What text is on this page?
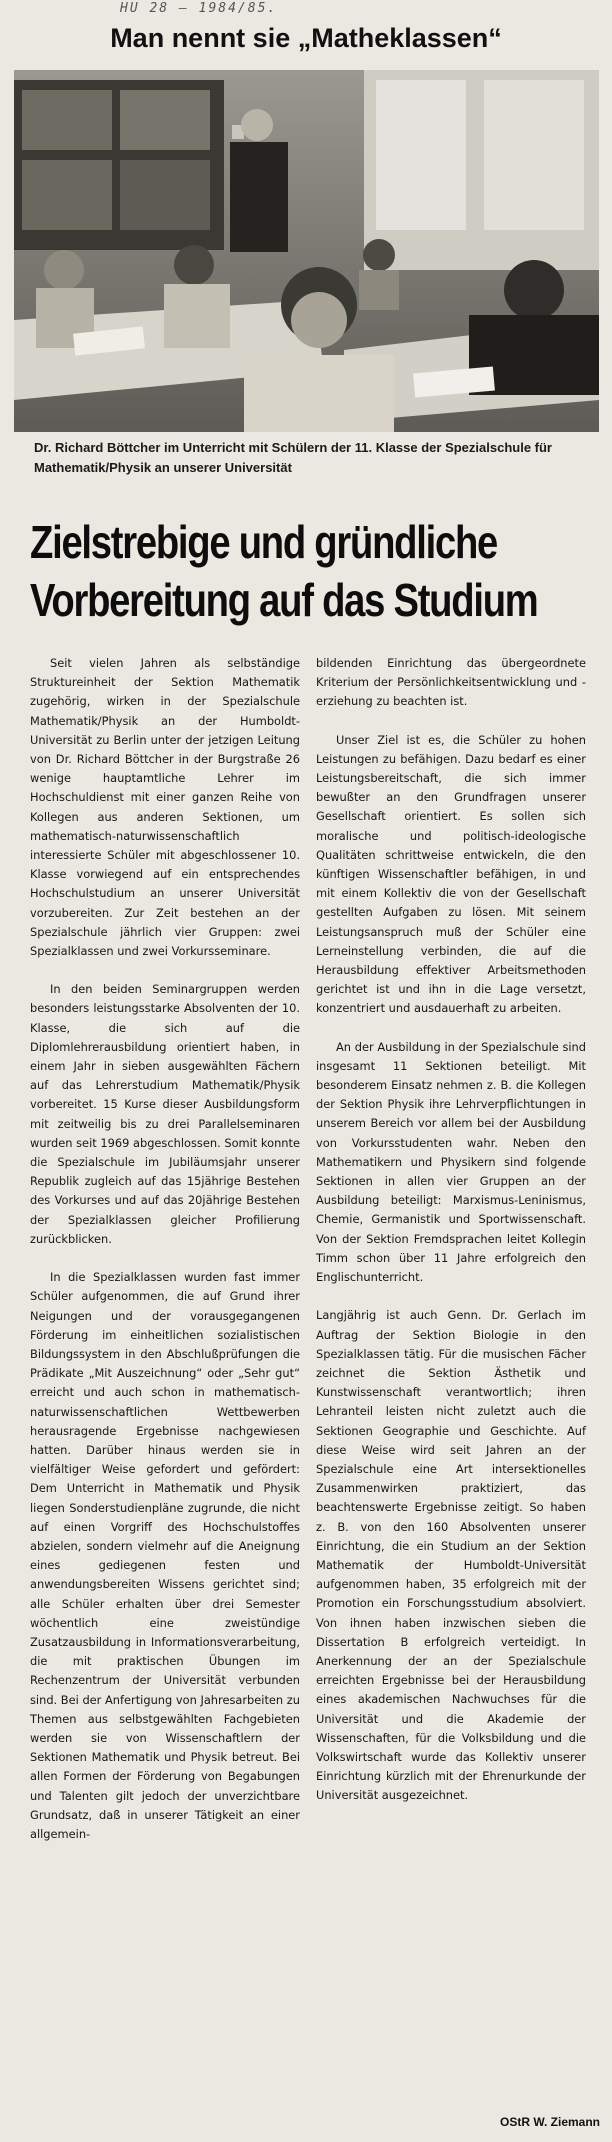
HU 28 – 1984/85.
Man nennt sie „Matheklassen“
Dr. Richard Böttcher im Unterricht mit Schülern der 11. Klasse der Spezialschule für Mathematik/Physik an unserer Universität
Zielstrebige und gründliche
Vorbereitung auf das Studium

Seit vielen Jahren als selbständige Struktureinheit der Sektion Mathematik zugehörig, wirken in der Spezialschule Mathematik/Physik an der Humboldt-Universität zu Berlin unter der jetzigen Leitung von Dr. Richard Böttcher in der Burgstraße 26 wenige hauptamtliche Lehrer im Hochschuldienst mit einer ganzen Reihe von Kollegen aus anderen Sektionen, um mathematisch-naturwissenschaftlich interessierte Schüler mit abgeschlossener 10. Klasse vorwiegend auf ein entsprechendes Hochschulstudium an unserer Universität vorzubereiten. Zur Zeit bestehen an der Spezialschule jährlich vier Gruppen: zwei Spezialklassen und zwei Vorkursseminare.

In den beiden Seminargruppen werden besonders leistungsstarke Absolventen der 10. Klasse, die sich auf die Diplomlehrerausbildung orientiert haben, in einem Jahr in sieben ausgewählten Fächern auf das Lehrerstudium Mathematik/Physik vorbereitet. 15 Kurse dieser Ausbildungsform mit zeitweilig bis zu drei Parallelseminaren wurden seit 1969 abgeschlossen. Somit konnte die Spezialschule im Jubiläumsjahr unserer Republik zugleich auf das 15jährige Bestehen des Vorkurses und auf das 20jährige Bestehen der Spezialklassen gleicher Profilierung zurückblicken.

In die Spezialklassen wurden fast immer Schüler aufgenommen, die auf Grund ihrer Neigungen und der vorausgegangenen Förderung im einheitlichen sozialistischen Bildungssystem in den Abschlußprüfungen die Prädikate „Mit Auszeichnung“ oder „Sehr gut“ erreicht und auch schon in mathematisch-naturwissenschaftlichen Wettbewerben herausragende Ergebnisse nachgewiesen hatten. Darüber hinaus werden sie in vielfältiger Weise gefordert und gefördert: Dem Unterricht in Mathematik und Physik liegen Sonderstudienpläne zugrunde, die nicht auf einen Vorgriff des Hochschulstoffes abzielen, sondern vielmehr auf die Aneignung eines gediegenen festen und anwendungsbereiten Wissens gerichtet sind; alle Schüler erhalten über drei Semester wöchentlich eine zweistündige Zusatzausbildung in Informationsverarbeitung, die mit praktischen Übungen im Rechenzentrum der Universität verbunden sind. Bei der Anfertigung von Jahresarbeiten zu Themen aus selbstgewählten Fachgebieten werden sie von Wissenschaftlern der Sektionen Mathematik und Physik betreut. Bei allen Formen der Förderung von Begabungen und Talenten gilt jedoch der unverzichtbare Grundsatz, daß in unserer Tätigkeit an einer allgemein-

bildenden Einrichtung das übergeordnete Kriterium der Persönlichkeitsentwicklung und -erziehung zu beachten ist.

Unser Ziel ist es, die Schüler zu hohen Leistungen zu befähigen. Dazu bedarf es einer Leistungsbereitschaft, die sich immer bewußter an den Grundfragen unserer Gesellschaft orientiert. Es sollen sich moralische und politisch-ideologische Qualitäten schrittweise entwickeln, die den künftigen Wissenschaftler befähigen, in und mit einem Kollektiv die von der Gesellschaft gestellten Aufgaben zu lösen. Mit seinem Leistungsanspruch muß der Schüler eine Lerneinstellung verbinden, die auf die Herausbildung effektiver Arbeitsmethoden gerichtet ist und ihn in die Lage versetzt, konzentriert und ausdauerhaft zu arbeiten.

An der Ausbildung in der Spezialschule sind insgesamt 11 Sektionen beteiligt. Mit besonderem Einsatz nehmen z. B. die Kollegen der Sektion Physik ihre Lehrverpflichtungen in unserem Bereich vor allem bei der Ausbildung von Vorkursstudenten wahr. Neben den Mathematikern und Physikern sind folgende Sektionen in allen vier Gruppen an der Ausbildung beteiligt: Marxismus-Leninismus, Chemie, Germanistik und Sportwissenschaft. Von der Sektion Fremdsprachen leitet Kollegin Timm schon über 11 Jahre erfolgreich den Englischunterricht.

Langjährig ist auch Genn. Dr. Gerlach im Auftrag der Sektion Biologie in den Spezialklassen tätig. Für die musischen Fächer zeichnet die Sektion Ästhetik und Kunstwissenschaft verantwortlich; ihren Lehranteil leisten nicht zuletzt auch die Sektionen Geographie und Geschichte. Auf diese Weise wird seit Jahren an der Spezialschule eine Art intersektionelles Zusammenwirken praktiziert, das beachtenswerte Ergebnisse zeitigt. So haben z. B. von den 160 Absolventen unserer Einrichtung, die ein Studium an der Sektion Mathematik der Humboldt-Universität aufgenommen haben, 35 erfolgreich mit der Promotion ein Forschungsstudium absolviert. Von ihnen haben inzwischen sieben die Dissertation B erfolgreich verteidigt. In Anerkennung der an der Spezialschule erreichten Ergebnisse bei der Herausbildung eines akademischen Nachwuchses für die Universität und die Akademie der Wissenschaften, für die Volksbildung und die Volkswirtschaft wurde das Kollektiv unserer Einrichtung kürzlich mit der Ehrenurkunde der Universität ausgezeichnet.

OStR W. Ziemann
